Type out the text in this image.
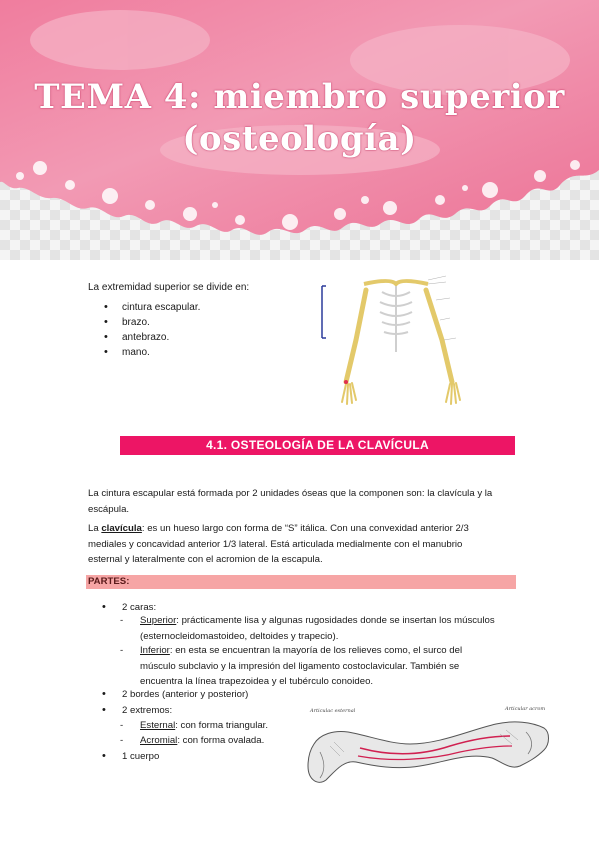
TEMA 4: miembro superior
(osteología)
La extremidad superior se divide en:
• cintura escapular.
• brazo.
• antebrazo.
• mano.
4.1. OSTEOLOGÍA DE LA CLAVÍCULA
La cintura escapular está formada por 2 unidades óseas que la componen son: la clavícula y la
escápula.
La clavícula: es un hueso largo con forma de “S” itálica. Con una convexidad anterior 2/3
mediales y concavidad anterior 1/3 lateral. Está articulada medialmente con el manubrio
esternal y lateralmente con el acromion de la escapula.
PARTES:
• 2 caras:
- Superior: prácticamente lisa y algunas rugosidades donde se insertan los músculos
(esternocleidomastoideo, deltoides y trapecio).
- Inferior: en esta se encuentran la mayoría de los relieves como, el surco del
músculo subclavio y la impresión del ligamento costoclavicular. También se
encuentra la línea trapezoidea y el tubérculo conoideo.
• 2 bordes (anterior y posterior)
• 2 extremos:
- Esternal: con forma triangular.
- Acromial: con forma ovalada.
• 1 cuerpo
Articulac esternal	Articular acrom
